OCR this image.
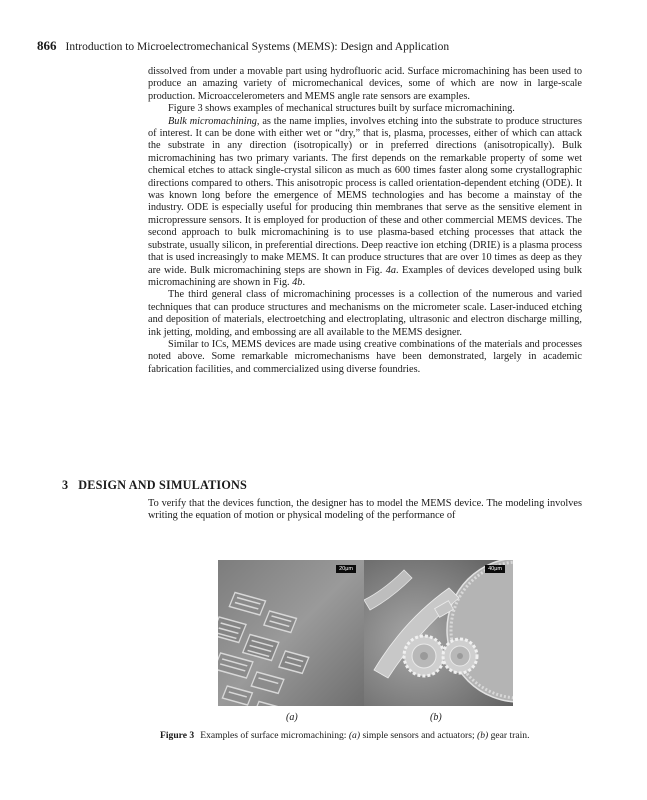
866 Introduction to Microelectromechanical Systems (MEMS): Design and Application

dissolved from under a movable part using hydrofluoric acid. Surface micromachining has been used to produce an amazing variety of micromechanical devices, some of which are now in large-scale production. Microaccelerometers and MEMS angle rate sensors are examples.

Figure 3 shows examples of mechanical structures built by surface micromachining.

Bulk micromachining, as the name implies, involves etching into the substrate to produce structures of interest. It can be done with either wet or “dry,” that is, plasma, processes, either of which can attack the substrate in any direction (isotropically) or in preferred directions (anisotropically). Bulk micromachining has two primary variants. The first depends on the remarkable property of some wet chemical etches to attack single-crystal silicon as much as 600 times faster along some crystallographic directions compared to others. This anisotropic process is called orientation-dependent etching (ODE). It was known long before the emergence of MEMS technologies and has become a mainstay of the industry. ODE is especially useful for producing thin membranes that serve as the sensitive element in micropressure sensors. It is employed for production of these and other commercial MEMS devices. The second approach to bulk micromachining is to use plasma-based etching processes that attack the substrate, usually silicon, in preferential directions. Deep reactive ion etching (DRIE) is a plasma process that is used increasingly to make MEMS. It can produce structures that are over 10 times as deep as they are wide. Bulk micromachining steps are shown in Fig. 4a. Examples of devices developed using bulk micromachining are shown in Fig. 4b.

The third general class of micromachining processes is a collection of the numerous and varied techniques that can produce structures and mechanisms on the micrometer scale. Laser-induced etching and deposition of materials, electroetching and electroplating, ultrasonic and electron discharge milling, ink jetting, molding, and embossing are all available to the MEMS designer.

Similar to ICs, MEMS devices are made using creative combinations of the materials and processes noted above. Some remarkable micromechanisms have been demonstrated, largely in academic fabrication facilities, and commercialized using diverse foundries.

3 DESIGN AND SIMULATIONS

To verify that the devices function, the designer has to model the MEMS device. The modeling involves writing the equation of motion or physical modeling of the performance of

20μm	40μm
(a)	(b)
Figure 3 Examples of surface micromachining: (a) simple sensors and actuators; (b) gear train.
